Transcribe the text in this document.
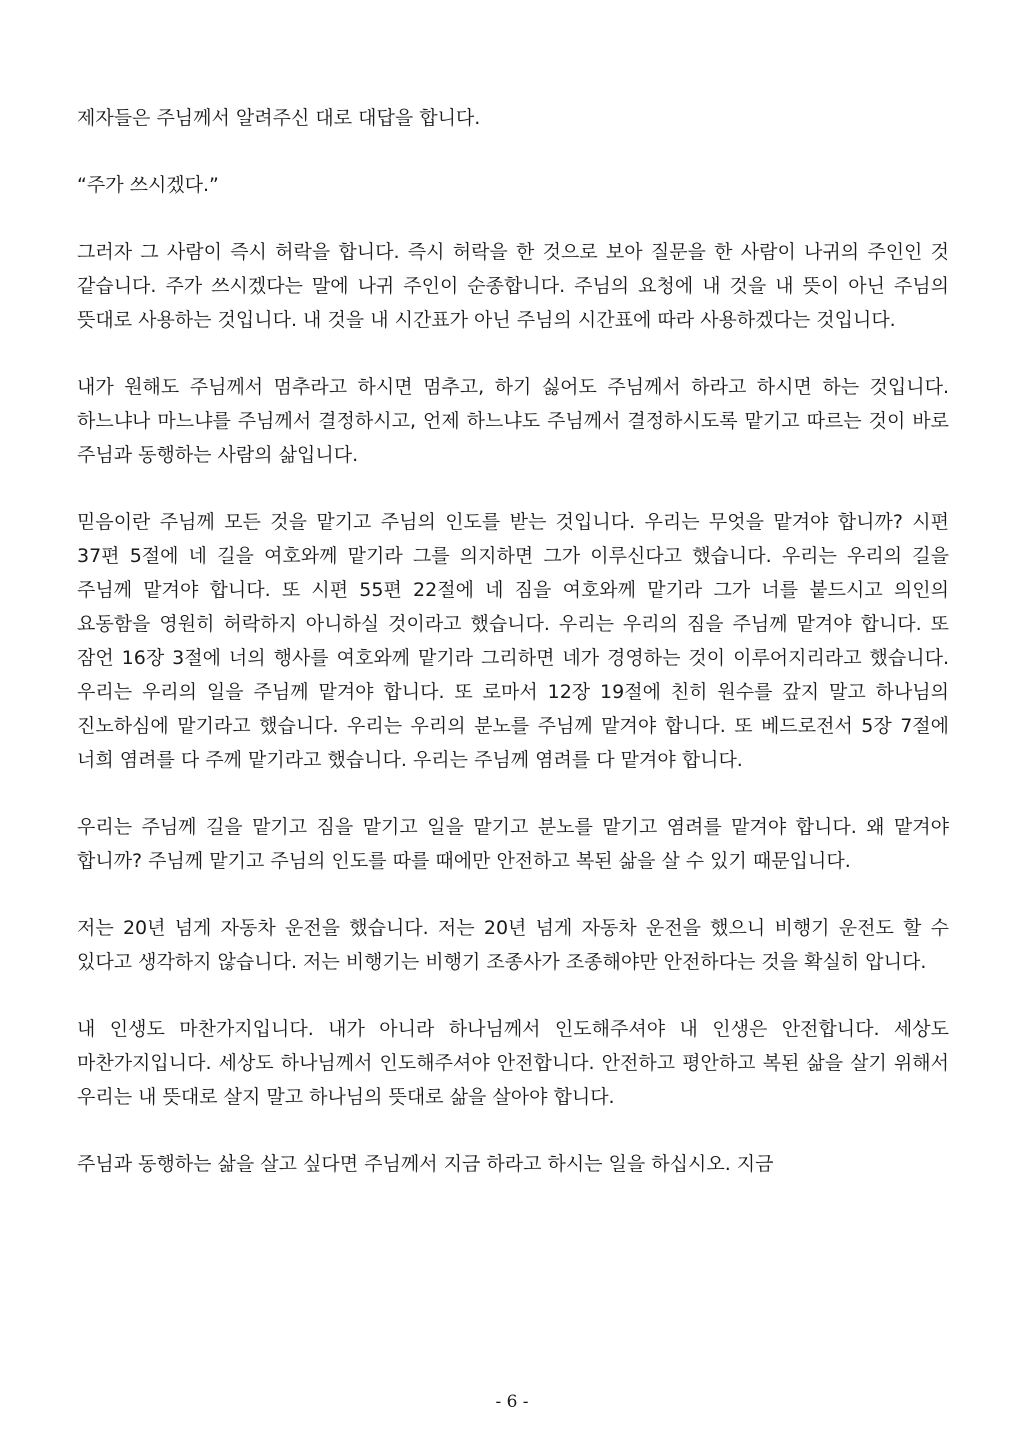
제자들은 주님께서 알려주신 대로 대답을 합니다.

“주가 쓰시겠다.”

그러자 그 사람이 즉시 허락을 합니다. 즉시 허락을 한 것으로 보아 질문을 한 사람이 나귀의 주인인 것 같습니다. 주가 쓰시겠다는 말에 나귀 주인이 순종합니다. 주님의 요청에 내 것을 내 뜻이 아닌 주님의 뜻대로 사용하는 것입니다. 내 것을 내 시간표가 아닌 주님의 시간표에 따라 사용하겠다는 것입니다.

내가 원해도 주님께서 멈추라고 하시면 멈추고, 하기 싫어도 주님께서 하라고 하시면 하는 것입니다. 하느냐나 마느냐를 주님께서 결정하시고, 언제 하느냐도 주님께서 결정하시도록 맡기고 따르는 것이 바로 주님과 동행하는 사람의 삶입니다.

믿음이란 주님께 모든 것을 맡기고 주님의 인도를 받는 것입니다. 우리는 무엇을 맡겨야 합니까? 시편 37편 5절에 네 길을 여호와께 맡기라 그를 의지하면 그가 이루신다고 했습니다. 우리는 우리의 길을 주님께 맡겨야 합니다. 또 시편 55편 22절에 네 짐을 여호와께 맡기라 그가 너를 붙드시고 의인의 요동함을 영원히 허락하지 아니하실 것이라고 했습니다. 우리는 우리의 짐을 주님께 맡겨야 합니다. 또 잠언 16장 3절에 너의 행사를 여호와께 맡기라 그리하면 네가 경영하는 것이 이루어지리라고 했습니다. 우리는 우리의 일을 주님께 맡겨야 합니다. 또 로마서 12장 19절에 친히 원수를 갚지 말고 하나님의 진노하심에 맡기라고 했습니다. 우리는 우리의 분노를 주님께 맡겨야 합니다. 또 베드로전서 5장 7절에 너희 염려를 다 주께 맡기라고 했습니다. 우리는 주님께 염려를 다 맡겨야 합니다.

우리는 주님께 길을 맡기고 짐을 맡기고 일을 맡기고 분노를 맡기고 염려를 맡겨야 합니다. 왜 맡겨야 합니까? 주님께 맡기고 주님의 인도를 따를 때에만 안전하고 복된 삶을 살 수 있기 때문입니다.

저는 20년 넘게 자동차 운전을 했습니다. 저는 20년 넘게 자동차 운전을 했으니 비행기 운전도 할 수 있다고 생각하지 않습니다. 저는 비행기는 비행기 조종사가 조종해야만 안전하다는 것을 확실히 압니다.

내 인생도 마찬가지입니다. 내가 아니라 하나님께서 인도해주셔야 내 인생은 안전합니다. 세상도 마찬가지입니다. 세상도 하나님께서 인도해주셔야 안전합니다. 안전하고 평안하고 복된 삶을 살기 위해서 우리는 내 뜻대로 살지 말고 하나님의 뜻대로 삶을 살아야 합니다.

주님과 동행하는 삶을 살고 싶다면 주님께서 지금 하라고 하시는 일을 하십시오. 지금

- 6 -
